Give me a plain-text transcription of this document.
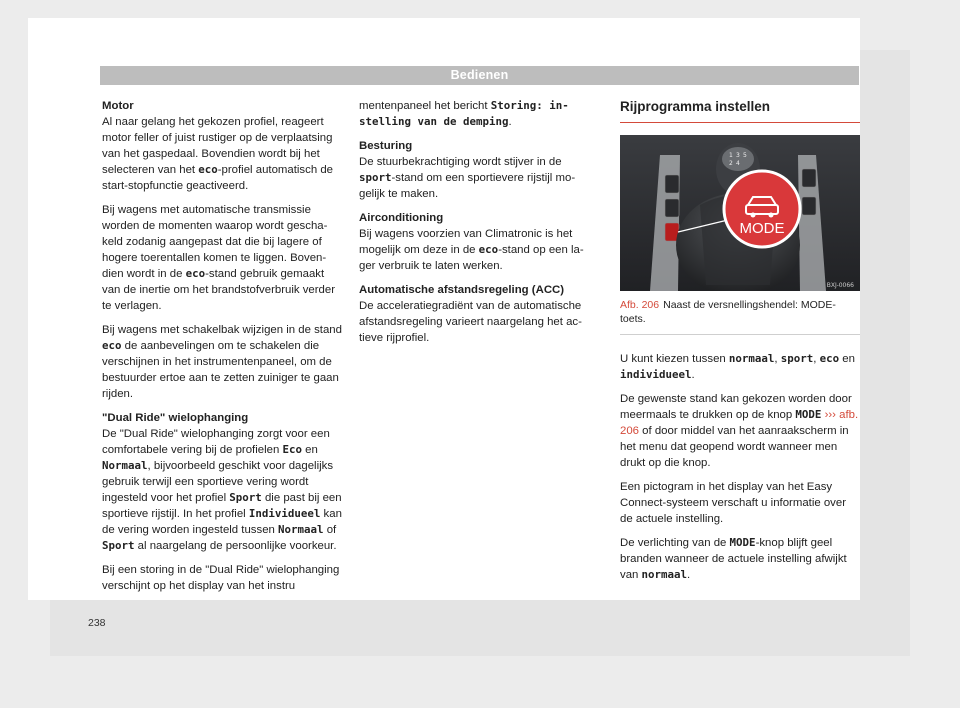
Bedienen
Motor

Al naar gelang het gekozen profiel, reageert motor feller of juist rustiger op de verplaatsing van het gaspedaal. Bovendien wordt bij het selecteren van het eco-profiel automatisch de start-stopfunctie geactiveerd.

Bij wagens met automatische transmissie worden de momenten waarop wordt geschakeld zodanig aangepast dat die bij lagere of hogere toerentallen komen te liggen. Bovendien wordt in de eco-stand gebruik gemaakt van de inertie om het brandstofverbruik verder te verlagen.

Bij wagens met schakelbak wijzigen in de stand eco de aanbevelingen om te schakelen die verschijnen in het instrumentenpaneel, om de bestuurder ertoe aan te zetten zuiniger te gaan rijden.

"Dual Ride" wielophanging

De "Dual Ride" wielophanging zorgt voor een comfortabele vering bij de profielen Eco en Normaal, bijvoorbeeld geschikt voor dagelijks gebruik terwijl een sportieve vering wordt ingesteld voor het profiel Sport die past bij een sportieve rijstijl. In het profiel Individueel kan de vering worden ingesteld tussen Normaal of Sport al naargelang de persoonlijke voorkeur.

Bij een storing in de "Dual Ride" wielophanging verschijnt op het display van het instru

mentenpaneel het bericht Storing: instelling van de demping.

Besturing

De stuurbekrachtiging wordt stijver in de sport-stand om een sportievere rijstijl mogelijk te maken.

Airconditioning

Bij wagens voorzien van Climatronic is het mogelijk om deze in de eco-stand op een lager verbruik te laten werken.

Automatische afstandsregeling (ACC)

De acceleratiegradiënt van de automatische afstandsregeling varieert naargelang het actieve rijprofiel.

Rijprogramma instellen
1 3 5
2 4
MODE
BXJ-0066
Afb. 206 Naast de versnellingshendel: MODE-toets.

U kunt kiezen tussen normaal, sport, eco en individueel.

De gewenste stand kan gekozen worden door meermaals te drukken op de knop MODE ››› afb. 206 of door middel van het aanraakscherm in het menu dat geopend wordt wanneer men drukt op die knop.

Een pictogram in het display van het Easy Connect-systeem verschaft u informatie over de actuele instelling.

De verlichting van de MODE-knop blijft geel branden wanneer de actuele instelling afwijkt van normaal.

238
